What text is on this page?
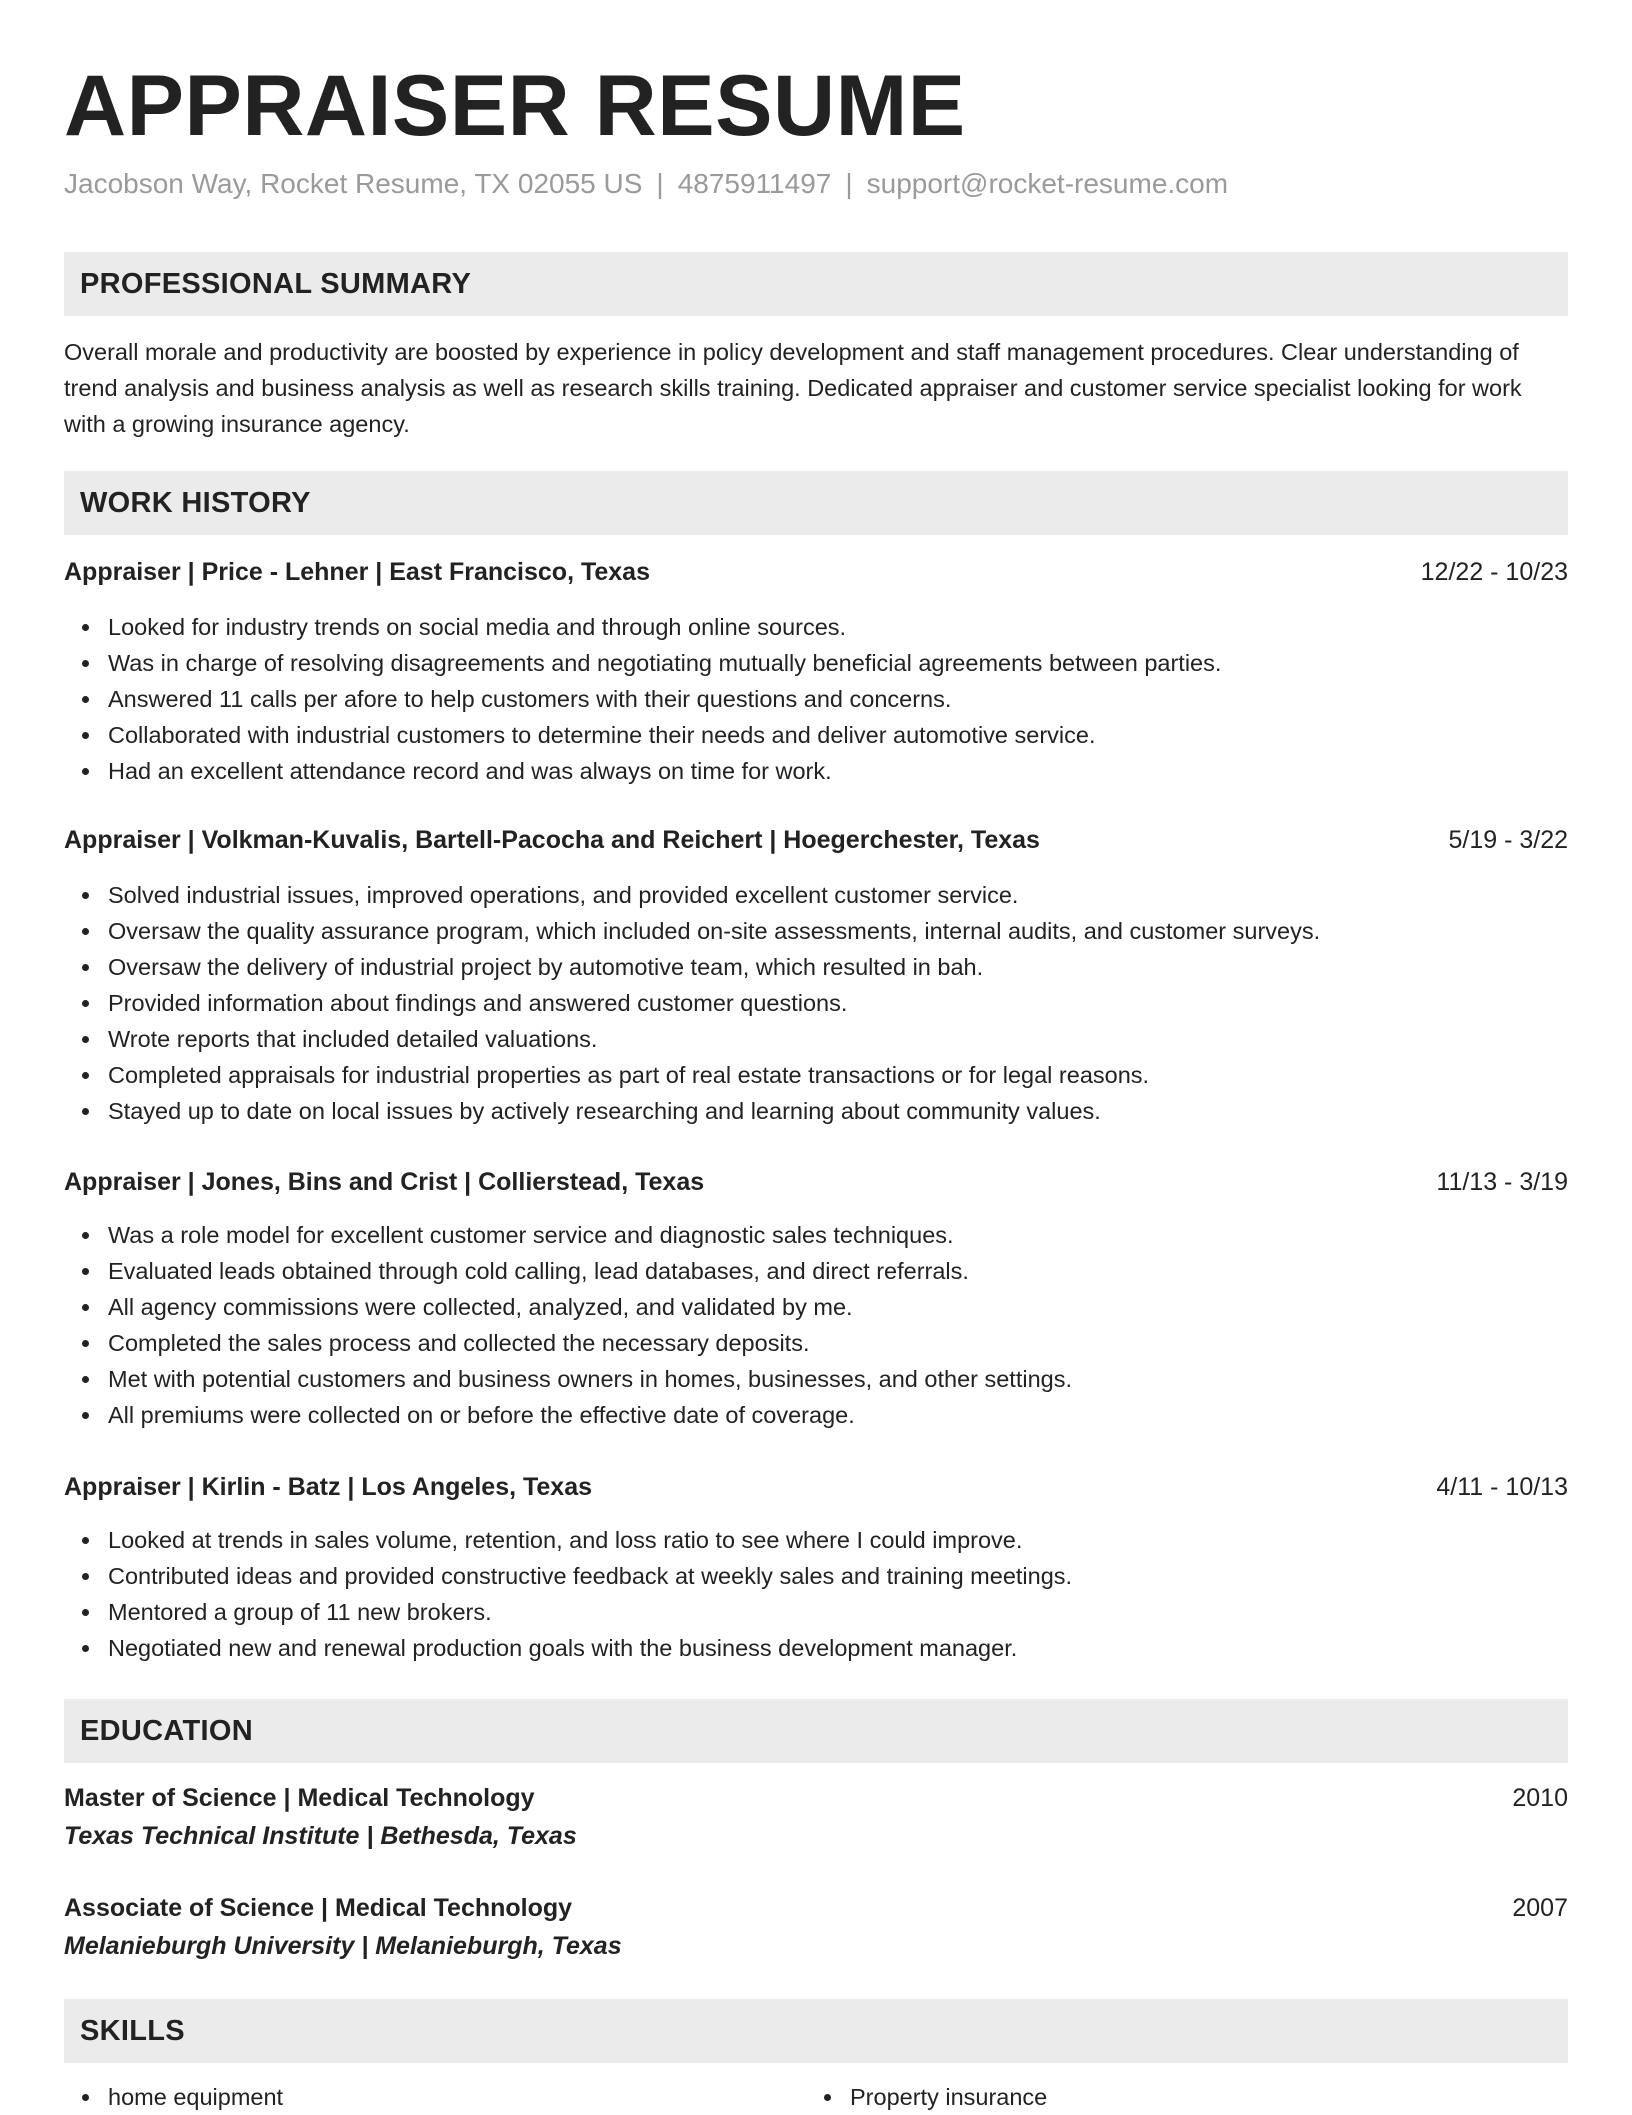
APPRAISER RESUME
Jacobson Way, Rocket Resume, TX 02055 US | 4875911497 | support@rocket-resume.com
PROFESSIONAL SUMMARY

Overall morale and productivity are boosted by experience in policy development and staff management procedures. Clear understanding of trend analysis and business analysis as well as research skills training. Dedicated appraiser and customer service specialist looking for work with a growing insurance agency.

WORK HISTORY
Appraiser | Price - Lehner | East Francisco, Texas	12/22 - 10/23
Looked for industry trends on social media and through online sources.
Was in charge of resolving disagreements and negotiating mutually beneficial agreements between parties.
Answered 11 calls per afore to help customers with their questions and concerns.
Collaborated with industrial customers to determine their needs and deliver automotive service.
Had an excellent attendance record and was always on time for work.
Appraiser | Volkman-Kuvalis, Bartell-Pacocha and Reichert | Hoegerchester, Texas	5/19 - 3/22
Solved industrial issues, improved operations, and provided excellent customer service.
Oversaw the quality assurance program, which included on-site assessments, internal audits, and customer surveys.
Oversaw the delivery of industrial project by automotive team, which resulted in bah.
Provided information about findings and answered customer questions.
Wrote reports that included detailed valuations.
Completed appraisals for industrial properties as part of real estate transactions or for legal reasons.
Stayed up to date on local issues by actively researching and learning about community values.
Appraiser | Jones, Bins and Crist | Collierstead, Texas	11/13 - 3/19
Was a role model for excellent customer service and diagnostic sales techniques.
Evaluated leads obtained through cold calling, lead databases, and direct referrals.
All agency commissions were collected, analyzed, and validated by me.
Completed the sales process and collected the necessary deposits.
Met with potential customers and business owners in homes, businesses, and other settings.
All premiums were collected on or before the effective date of coverage.
Appraiser | Kirlin - Batz | Los Angeles, Texas	4/11 - 10/13
Looked at trends in sales volume, retention, and loss ratio to see where I could improve.
Contributed ideas and provided constructive feedback at weekly sales and training meetings.
Mentored a group of 11 new brokers.
Negotiated new and renewal production goals with the business development manager.
EDUCATION
Master of Science | Medical Technology	2010
Texas Technical Institute | Bethesda, Texas
Associate of Science | Medical Technology	2007
Melanieburgh University | Melanieburgh, Texas
SKILLS
home equipment	Property insurance
